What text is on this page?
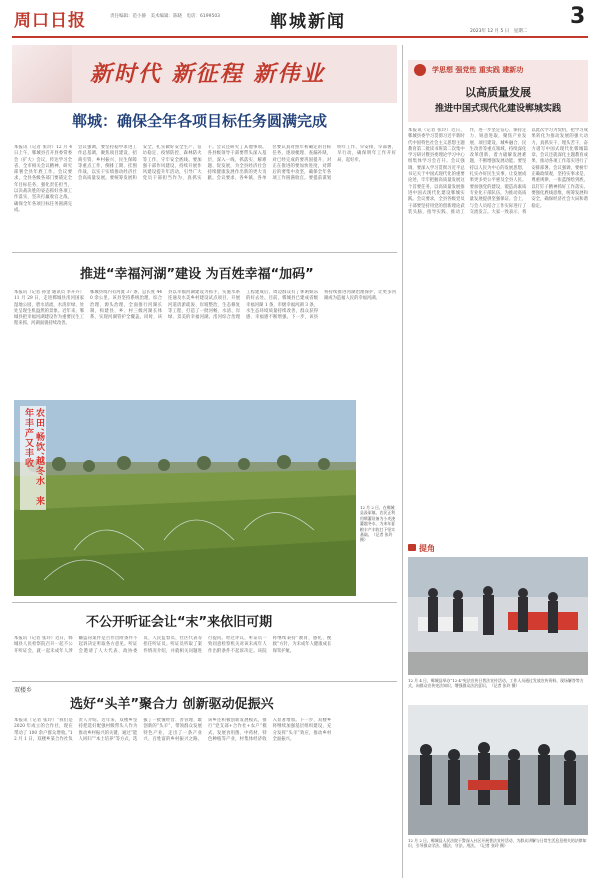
周口日报	责任编辑：范小静　美术编辑：陈晓　电话：6199503	郸城新闻	2023年 12 月 5 日　星期二
3
新时代 新征程 新伟业
郸城：确保全年各项目标任务圆满完成
本报讯（记者 张玲）12 月 4 日上午，郸城县召开县委常委会（扩大）会议，传达学习全省、全市相关会议精神，研究部署全县年底工作。会议要求，全县各级各部门要锚定全年目标任务，强化责任担当，以决战决胜的姿态抓好各项工作落实，坚决打赢收官之战，确保全年各项目标任务圆满完成。
会议强调，要坚持稳中求进工作总基调，聚焦项目建设、招商引资、乡村振兴、民生保障等重点工作，倒排工期、挂图作战，以实干实绩推动经济社会高质量发展。要统筹发展和安全，扎实做好安全生产、信访稳定、疫情防控、森林防火等工作，守牢安全底线。要加强干部作风建设，持续开展作风建设提升年活动，引导广大党员干部担当作为、真抓实干。会议还研究了其他事项。各县级领导干部要带头深入基层、深入一线，抓落实、解难题、促发展，为全县经济社会持续健康发展作出新的更大贡献。会议要求，各乡镇、各单位要认真对照年初确定的目标任务，逐项梳理、查漏补缺，对已经完成的要巩固提升，对正在推进的要加快进度，对滞后的要集中攻坚，确保全年各项工作圆满收官。要提前谋划明年工作，早安排、早部署、早行动，确保明年工作开好局、起好步。
推进“幸福河湖”建设 为百姓幸福“加码”
本报讯（记者 孙金 通讯员 李卉卉）11 月 29 日，走进郸城县洺河国家湿地公园，碧水清流，水清岸绿，处处呈现生机盎然的景象。近年来，郸城县把幸福河湖建设作为重要民生工程来抓，河湖面貌持续改善。
郸城县境内有河流 37 条，总长度 440 余公里。该县坚持系统治理、综合治理、源头治理，全面推行河湖长制，构建县、乡、村三级河湖长体系，实现河湖管护全覆盖。同时，该县以幸福河湖建设为抓手，实施水系连通及水美乡村建设试点项目，开展河道清淤疏浚、岸坡整治、生态修复等工程，打造了一批河畅、水清、岸绿、景美的幸福河湖。洺河综合治理工程建成后，周边群众有了休闲娱乐的好去处。目前，郸城县已建成省级幸福河湖 1 条，市级幸福河湖 3 条，水生态环境质量持续改善，群众获得感、幸福感不断增强。下一步，该县将持续推进河湖治理保护，让更多河湖成为造福人民的幸福河湖。
农田‘畅饮’越冬水　来年丰产又丰收
12 月 2 日，在郸城县汲冢镇，农民正利用喷灌设备为小麦浇灌越冬水，为来年夏粮丰产丰收打下坚实基础。（记者 张玲 摄）
不公开听证会让“末”来依旧可期
本报讯（记者 张玲）近日，郸城县人民检察院召开一起不公开听证会，就一起未成年人涉嫌盗窃案件是否作出附条件不起诉决定听取各方意见。听证会邀请了人大代表、政协委员、人民监督员、社区代表等担任听证员。听证员听取了案件情况介绍，并就相关问题进行提问。经过评议，听证员一致同意检察机关对该未成年人作出附条件不起诉决定。该院将继续秉持“教育、感化、挽救”方针，为未成年人健康成长保驾护航。
双楼乡
选好“头羊”聚合力 创新驱动促振兴
本报讯（记者 张玲）“我们是 2020 年成立的合作社，现在带动了 100 余户群众增收。”12 月 1 日，双楼乡某合作社负责人介绍。近年来，双楼乡坚持把选好配强村级带头人作为推动乡村振兴的关键，通过“能人回归”“本土培养”等方式，选拔了一批懂经营、善管理、敢创新的“头羊”，带领群众发展特色产业，走出了一条产业兴、百姓富的乡村振兴之路。该乡还积极创新发展模式，推行“党支部+合作社+农户”模式，发展食用菌、中药材、特色种植等产业，村集体经济收入显著增加。下一步，双楼乡将继续加强基层组织建设，充分发挥“头羊”效应，推动乡村全面振兴。
学思想 强党性 重实践 建新功
以高质量发展
推进中国式现代化建设郸城实践
本报讯（记者 张玲）近日，郸城县委学习贯彻习近平新时代中国特色社会主义思想主题教育第二批读书班第二次集中学习研讨暨县委理论学习中心组集体学习会召开。会议强调，要深入学习贯彻习近平总书记关于中国式现代化的重要论述，牢牢把握高质量发展这个首要任务，以高质量发展推进中国式现代化建设郸城实践。会议要求，全县各级党员干部要坚持用党的创新理论武装头脑、指导实践、推动工作，进一步坚定信心、保持定力、锐意进取，聚焦产业发展、项目建设、城乡融合、民生改善等重点领域，持续深化改革创新，着力破解发展难题，不断增强发展动能。要坚持以人民为中心的发展思想，扎实办好民生实事，让发展成果更多更公平惠及全县人民。要加强党的建设，锻造高素质专业化干部队伍，为推动高质量发展提供坚强保证。会上，与会人员结合工作实际进行了交流发言。大家一致表示，将以此次学习为契机，把学习成果转化为推动发展的强大动力，真抓实干、埋头苦干，奋力谱写中国式现代化郸城篇章。会议还就深化主题教育成果、推动各项工作落实进行了安排部署。会议强调，要树牢正确政绩观，坚持实事求是、尊重规律，一张蓝图绘到底，以钉钉子精神抓好工作落实。要强化底线思维，统筹发展和安全，确保经济社会大局和谐稳定。
提角
12 月 4 日，郸城县举办“12·4”宪法宣传日普法宣传活动，工作人员通过发放宣传资料、现场解答等方式，向群众宣传宪法知识，增强群众法治意识。（记者 张玲 摄）
12 月 2 日，郸城县人民法院干警深入社区开展普法宣传活动，为群众讲解与日常生活息息相关的法律知识，引导群众学法、懂法、守法、用法。（记者 张玲 摄）
